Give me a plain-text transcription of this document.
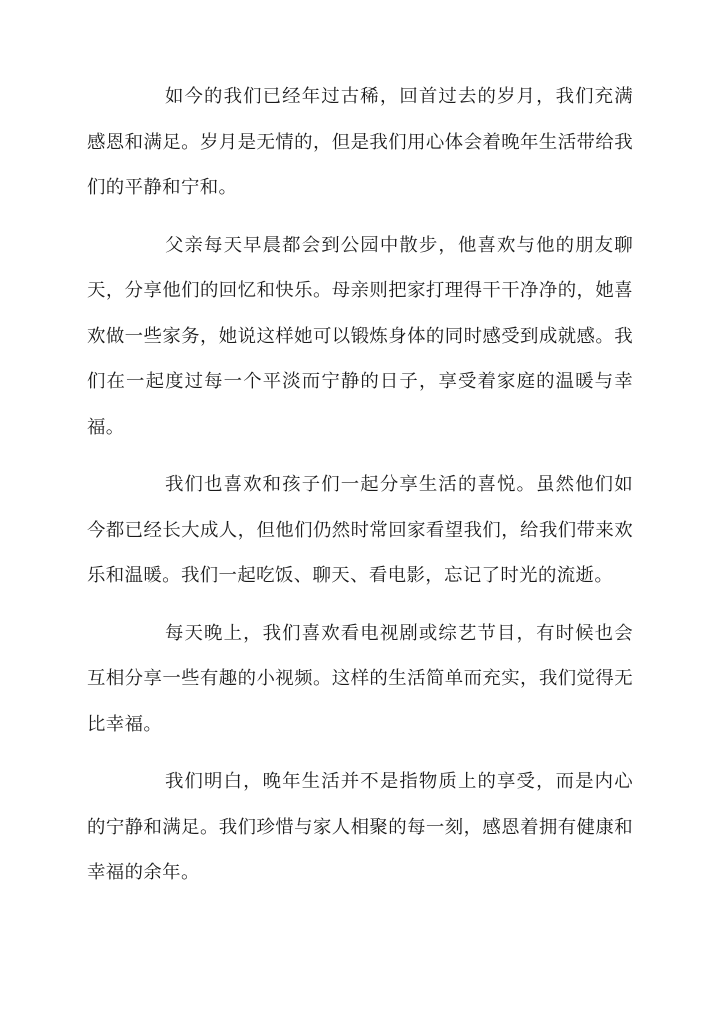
如今的我们已经年过古稀，回首过去的岁月，我们充满感恩和满足。岁月是无情的，但是我们用心体会着晚年生活带给我们的平静和宁和。

父亲每天早晨都会到公园中散步，他喜欢与他的朋友聊天，分享他们的回忆和快乐。母亲则把家打理得干干净净的，她喜欢做一些家务，她说这样她可以锻炼身体的同时感受到成就感。我们在一起度过每一个平淡而宁静的日子，享受着家庭的温暖与幸福。

我们也喜欢和孩子们一起分享生活的喜悦。虽然他们如今都已经长大成人，但他们仍然时常回家看望我们，给我们带来欢乐和温暖。我们一起吃饭、聊天、看电影，忘记了时光的流逝。

每天晚上，我们喜欢看电视剧或综艺节目，有时候也会互相分享一些有趣的小视频。这样的生活简单而充实，我们觉得无比幸福。

我们明白，晚年生活并不是指物质上的享受，而是内心的宁静和满足。我们珍惜与家人相聚的每一刻，感恩着拥有健康和幸福的余年。
